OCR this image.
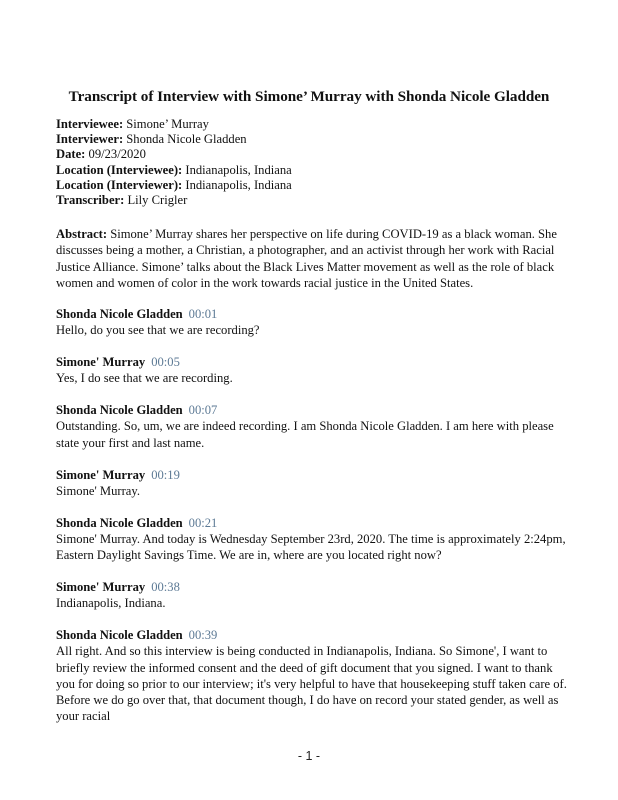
Transcript of Interview with Simone’ Murray with Shonda Nicole Gladden
Interviewee: Simone’ Murray
Interviewer: Shonda Nicole Gladden
Date: 09/23/2020
Location (Interviewee): Indianapolis, Indiana
Location (Interviewer): Indianapolis, Indiana
Transcriber: Lily Crigler
Abstract: Simone’ Murray shares her perspective on life during COVID-19 as a black woman. She discusses being a mother, a Christian, a photographer, and an activist through her work with Racial Justice Alliance. Simone’ talks about the Black Lives Matter movement as well as the role of black women and women of color in the work towards racial justice in the United States.
Shonda Nicole Gladden 00:01
Hello, do you see that we are recording?
Simone' Murray 00:05
Yes, I do see that we are recording.
Shonda Nicole Gladden 00:07
Outstanding. So, um, we are indeed recording. I am Shonda Nicole Gladden. I am here with please state your first and last name.
Simone' Murray 00:19
Simone' Murray.
Shonda Nicole Gladden 00:21
Simone' Murray. And today is Wednesday September 23rd, 2020. The time is approximately 2:24pm, Eastern Daylight Savings Time. We are in, where are you located right now?
Simone' Murray 00:38
Indianapolis, Indiana.
Shonda Nicole Gladden 00:39
All right. And so this interview is being conducted in Indianapolis, Indiana. So Simone', I want to briefly review the informed consent and the deed of gift document that you signed. I want to thank you for doing so prior to our interview; it's very helpful to have that housekeeping stuff taken care of. Before we do go over that, that document though, I do have on record your stated gender, as well as your racial
- 1 -
